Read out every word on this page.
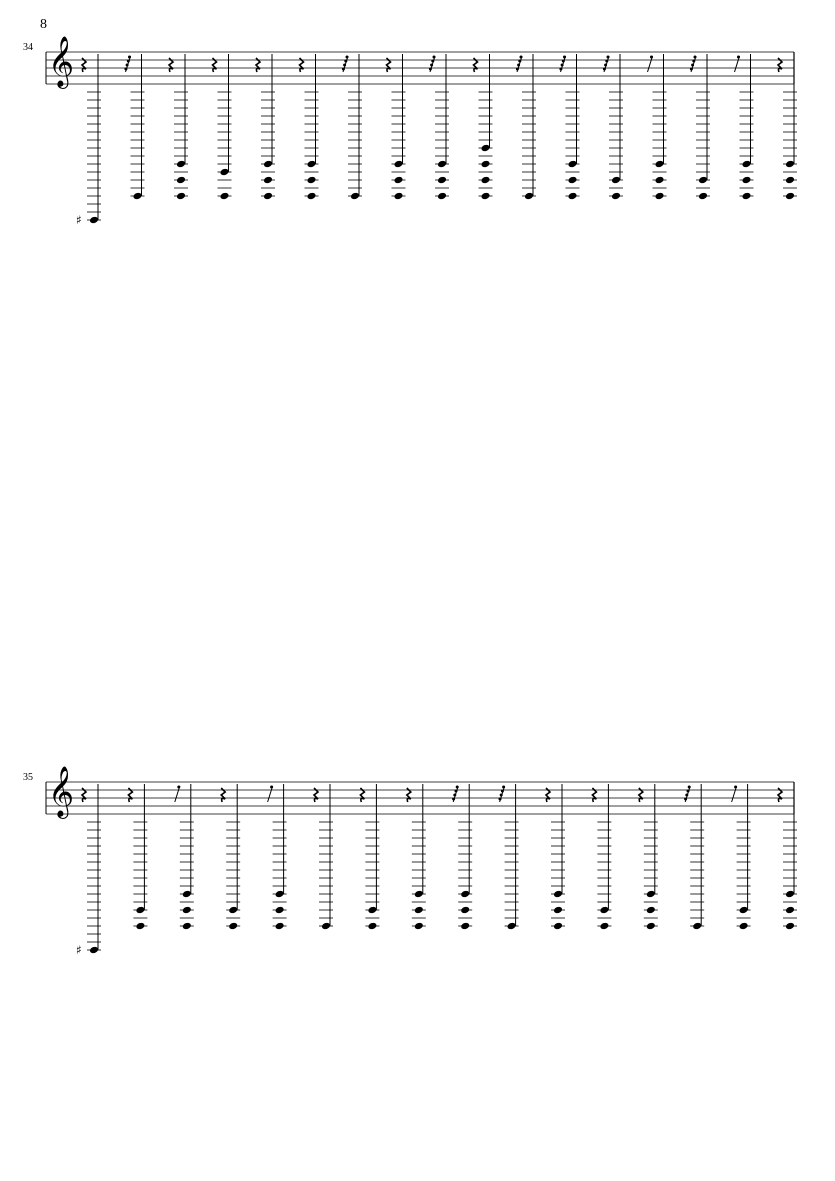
8
34
35
𝄞
♯
𝄞
♯
